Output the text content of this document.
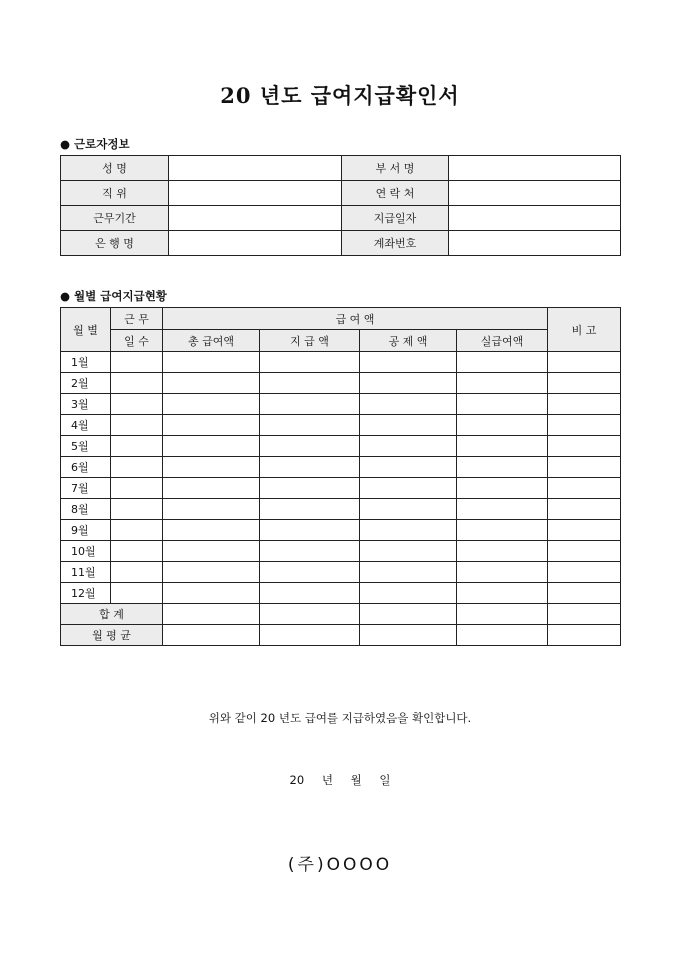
20 년도 급여지급확인서
● 근로자정보
성 명		부 서 명	
직 위		연 락 처	
근무기간		지급일자	
은 행 명		계좌번호	
● 월별 급여지급현황
월 별	근 무	급 여 액				비 고
	일 수	총 급여액	지 급 액	공 제 액	실급여액	
1월						
2월						
3월						
4월						
5월						
6월						
7월						
8월						
9월						
10월						
11월						
12월						
합 계						
월 평 균						
위와 같이 20 년도 급여를 지급하였음을 확인합니다.
20 년 월 일
(주)OOOO
